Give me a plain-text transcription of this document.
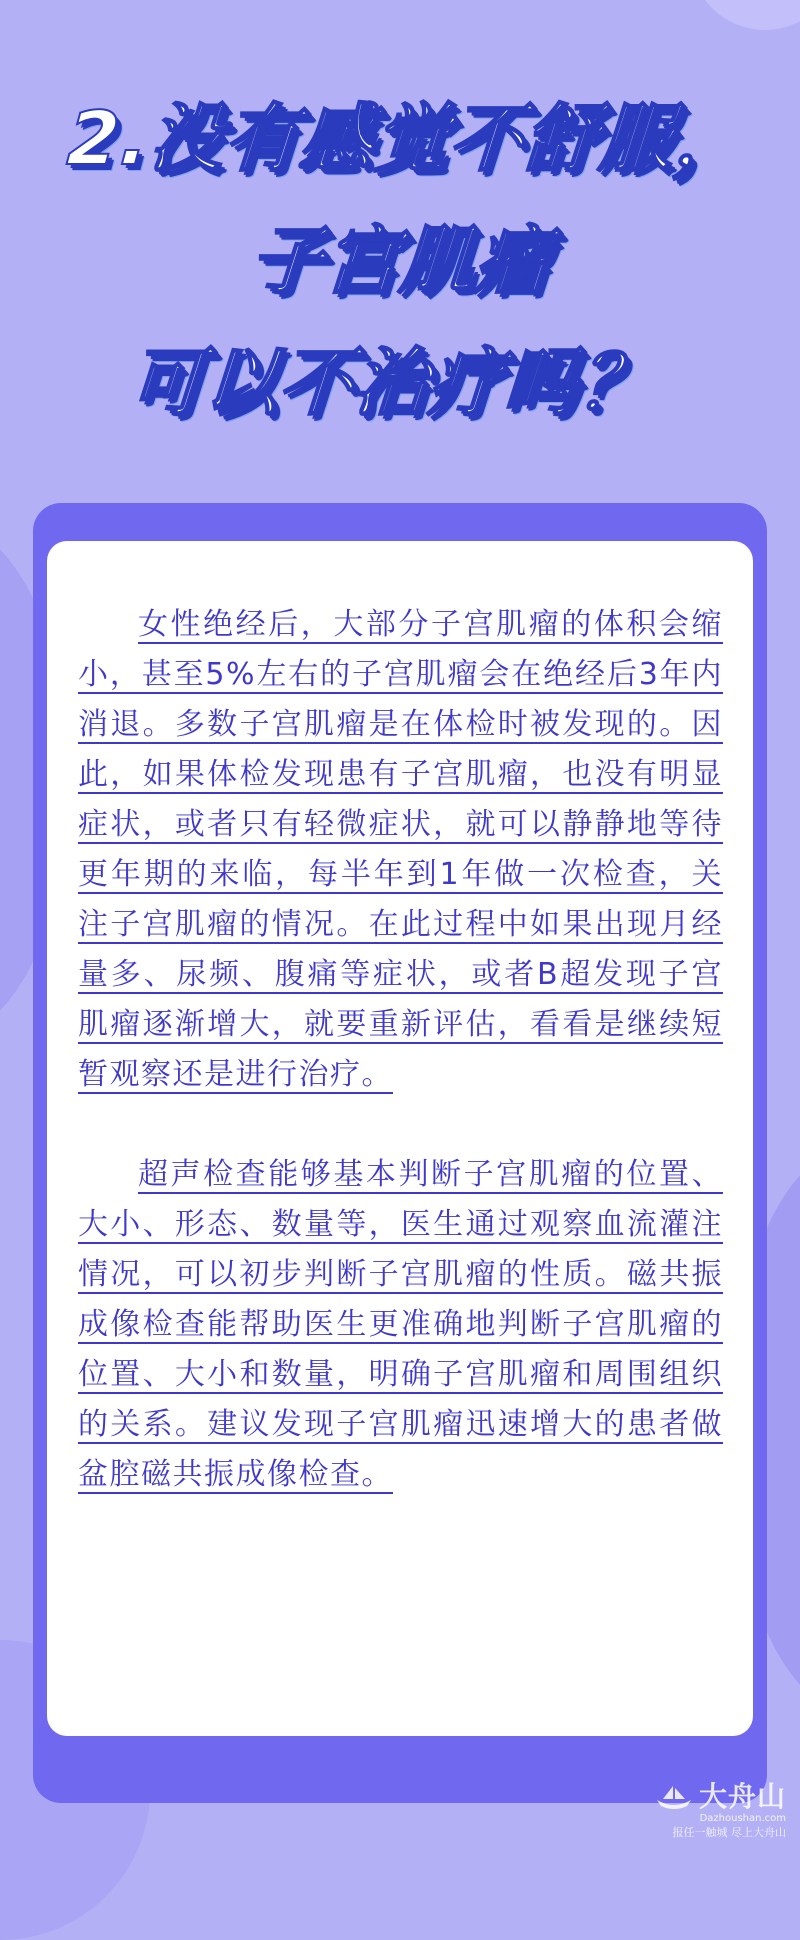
2.没有感觉不舒服，
子宫肌瘤
可以不治疗吗？

女性绝经后，大部分子宫肌瘤的体积会缩小，甚至5%左右的子宫肌瘤会在绝经后3年内消退。多数子宫肌瘤是在体检时被发现的。因此，如果体检发现患有子宫肌瘤，也没有明显症状，或者只有轻微症状，就可以静静地等待更年期的来临，每半年到1年做一次检查，关注子宫肌瘤的情况。在此过程中如果出现月经量多、尿频、腹痛等症状，或者B超发现子宫肌瘤逐渐增大，就要重新评估，看看是继续短暂观察还是进行治疗。

超声检查能够基本判断子宫肌瘤的位置、大小、形态、数量等，医生通过观察血流灌注情况，可以初步判断子宫肌瘤的性质。磁共振成像检查能帮助医生更准确地判断子宫肌瘤的位置、大小和数量，明确子宫肌瘤和周围组织的关系。建议发现子宫肌瘤迅速增大的患者做盆腔磁共振成像检查。

大舟山
Dazhoushan.com
报任一触城 尽上大舟山
